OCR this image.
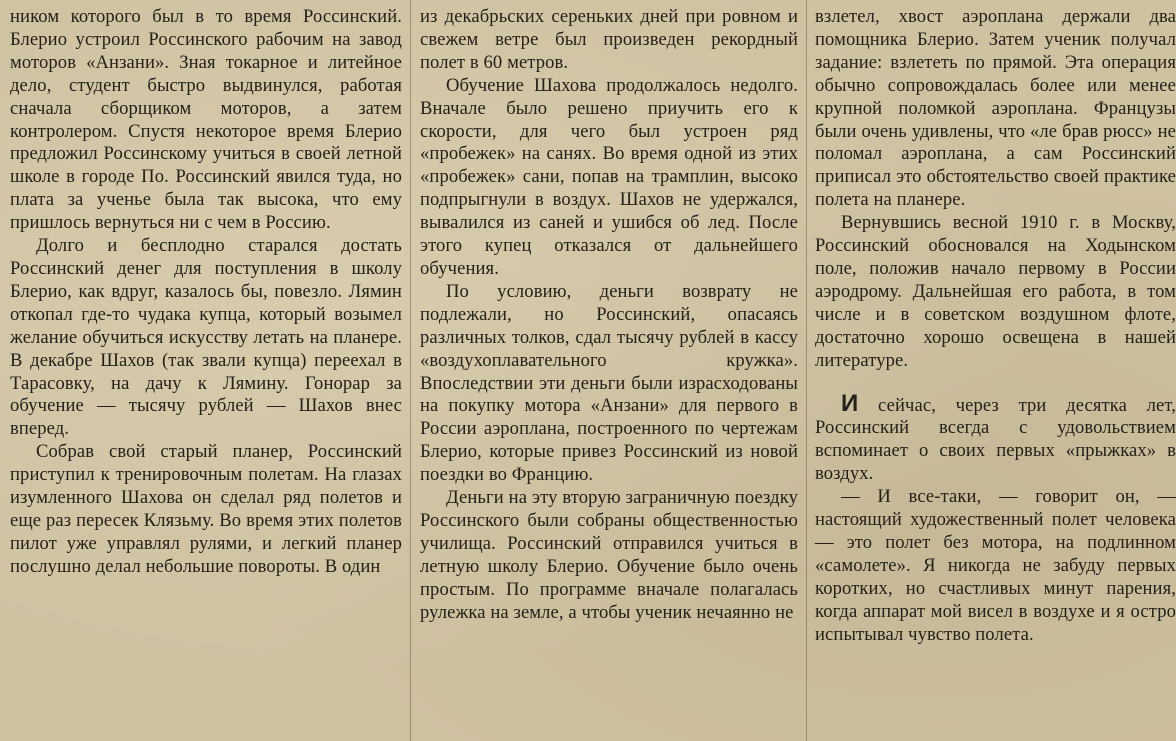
ником которого был в то время Россинский. Блерио устроил Россинского рабочим на завод моторов «Анзани». Зная токарное и литейное дело, студент быстро выдвинулся, работая сначала сборщиком моторов, а затем контролером. Спустя некоторое время Блерио предложил Россинскому учиться в своей летной школе в городе По. Россинский явился туда, но плата за ученье была так высока, что ему пришлось вернуться ни с чем в Россию.

Долго и бесплодно старался достать Россинский денег для поступления в школу Блерио, как вдруг, казалось бы, повезло. Лямин откопал где-то чудака купца, который возымел желание обучиться искусству летать на планере. В декабре Шахов (так звали купца) переехал в Тарасовку, на дачу к Лямину. Гонорар за обучение — тысячу рублей — Шахов внес вперед.

Собрав свой старый планер, Россинский приступил к тренировочным полетам. На глазах изумленного Шахова он сделал ряд полетов и еще раз пересек Клязьму. Во время этих полетов пилот уже управлял рулями, и легкий планер послушно делал небольшие повороты. В один

из декабрьских сереньких дней при ровном и свежем ветре был произведен рекордный полет в 60 метров.

Обучение Шахова продолжалось недолго. Вначале было решено приучить его к скорости, для чего был устроен ряд «пробежек» на санях. Во время одной из этих «пробежек» сани, попав на трамплин, высоко подпрыгнули в воздух. Шахов не удержался, вывалился из саней и ушибся об лед. После этого купец отказался от дальнейшего обучения.

По условию, деньги возврату не подлежали, но Россинский, опасаясь различных толков, сдал тысячу рублей в кассу «воздухоплавательного кружка». Впоследствии эти деньги были израсходованы на покупку мотора «Анзани» для первого в России аэроплана, построенного по чертежам Блерио, которые привез Россинский из новой поездки во Францию.

Деньги на эту вторую заграничную поездку Россинского были собраны общественностью училища. Россинский отправился учиться в летную школу Блерио. Обучение было очень простым. По программе вначале полагалась рулежка на земле, а чтобы ученик нечаянно не

взлетел, хвост аэроплана держали два помощника Блерио. Затем ученик получал задание: взлететь по прямой. Эта операция обычно сопровождалась более или менее крупной поломкой аэроплана. Французы были очень удивлены, что «ле брав рюсс» не поломал аэроплана, а сам Россинский приписал это обстоятельство своей практике полета на планере.

Вернувшись весной 1910 г. в Москву, Россинский обосновался на Ходынском поле, положив начало первому в России аэродрому. Дальнейшая его работа, в том числе и в советском воздушном флоте, достаточно хорошо освещена в нашей литературе.

И сейчас, через три десятка лет, Россинский всегда с удовольствием вспоминает о своих первых «прыжках» в воздух.

— И все-таки, — говорит он, — настоящий художественный полет человека — это полет без мотора, на подлинном «самолете». Я никогда не забуду первых коротких, но счастливых минут парения, когда аппарат мой висел в воздухе и я остро испытывал чувство полета.
